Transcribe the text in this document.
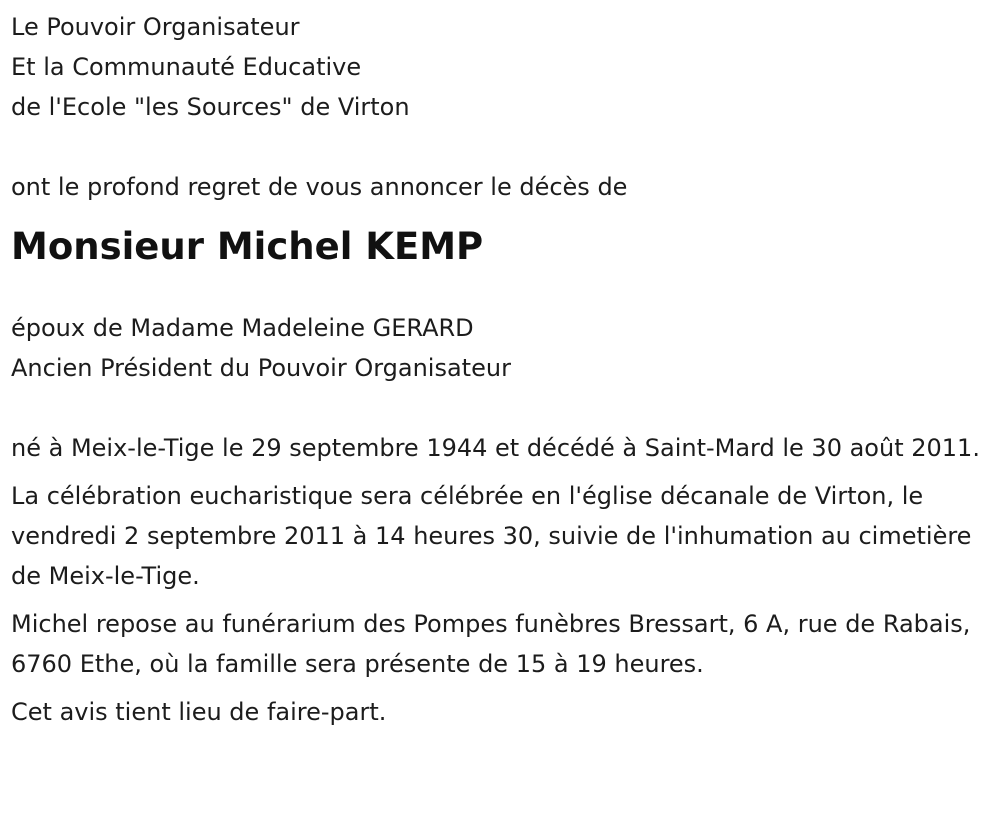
Le Pouvoir Organisateur
Et la Communauté Educative
de l'Ecole "les Sources" de Virton
ont le profond regret de vous annoncer le décès de
Monsieur Michel KEMP
époux de Madame Madeleine GERARD
Ancien Président du Pouvoir Organisateur

né à Meix-le-Tige le 29 septembre 1944 et décédé à Saint-Mard le 30 août 2011.

La célébration eucharistique sera célébrée en l'église décanale de Virton, le vendredi 2 septembre 2011 à 14 heures 30, suivie de l'inhumation au cimetière de Meix-le-Tige.

Michel repose au funérarium des Pompes funèbres Bressart, 6 A, rue de Rabais, 6760 Ethe, où la famille sera présente de 15 à 19 heures.

Cet avis tient lieu de faire-part.
